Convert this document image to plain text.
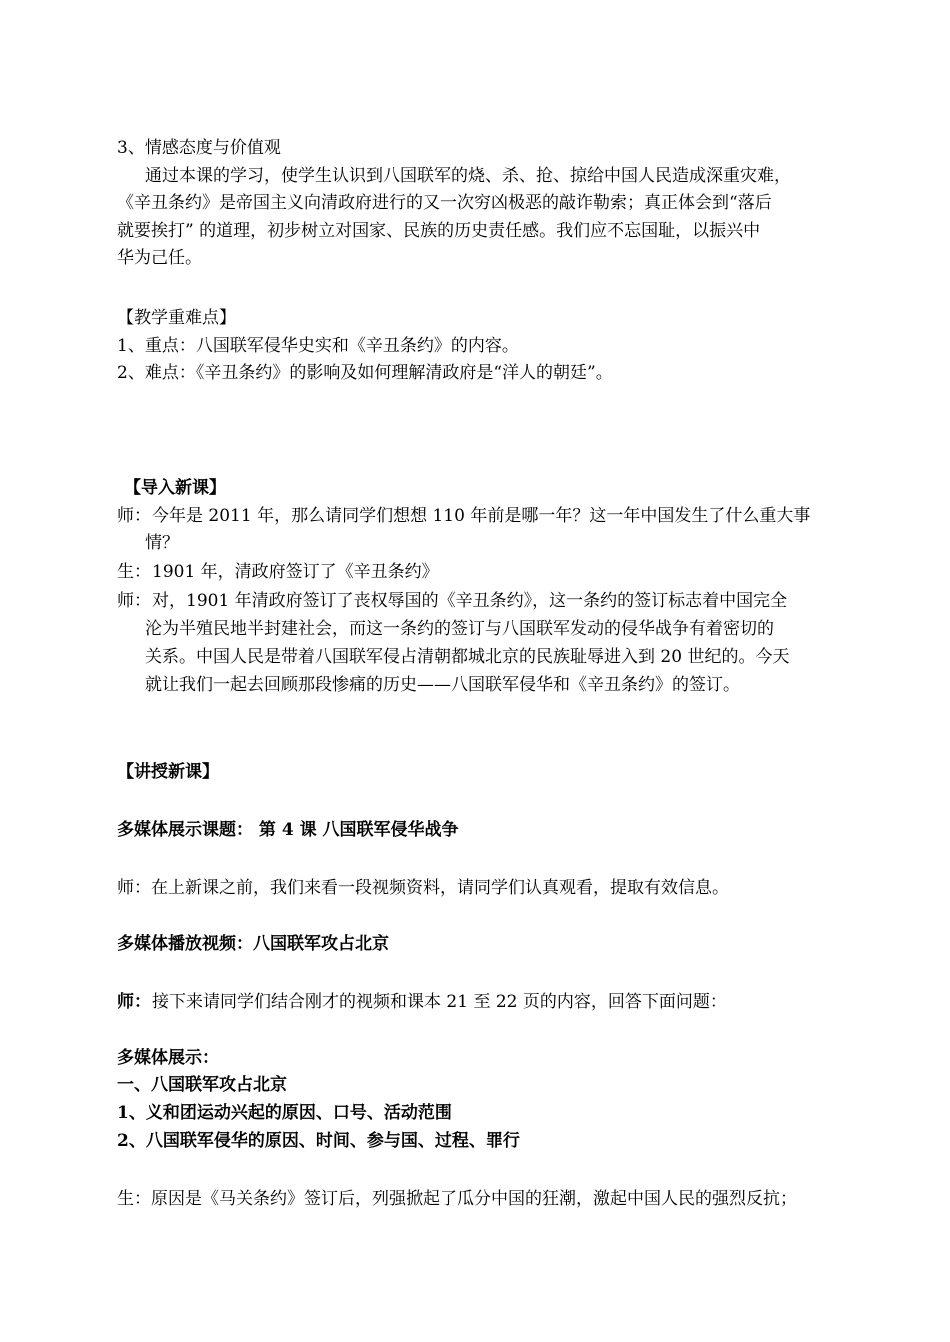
3、情感态度与价值观
通过本课的学习，使学生认识到八国联军的烧、杀、抢、掠给中国人民造成深重灾难，
《辛丑条约》是帝国主义向清政府进行的又一次穷凶极恶的敲诈勒索；真正体会到“落后
就要挨打” 的道理，初步树立对国家、民族的历史责任感。我们应不忘国耻，以振兴中
华为己任。
【教学重难点】
1、重点：八国联军侵华史实和《辛丑条约》的内容。
2、难点：《辛丑条约》的影响及如何理解清政府是“洋人的朝廷”。
【导入新课】
师： 今年是 2011 年，那么请同学们想想 110 年前是哪一年？这一年中国发生了什么重大事
情？
生： 1901 年，清政府签订了《辛丑条约》
师： 对，1901 年清政府签订了丧权辱国的《辛丑条约》，这一条约的签订标志着中国完全
沦为半殖民地半封建社会，而这一条约的签订与八国联军发动的侵华战争有着密切的
关系。中国人民是带着八国联军侵占清朝都城北京的民族耻辱进入到 20 世纪的。今天
就让我们一起去回顾那段惨痛的历史——八国联军侵华和《辛丑条约》的签订。
【讲授新课】
多媒体展示课题： 第 4 课 八国联军侵华战争
师：在上新课之前，我们来看一段视频资料，请同学们认真观看，提取有效信息。
多媒体播放视频：八国联军攻占北京
师： 接下来请同学们结合刚才的视频和课本 21 至 22 页的内容，回答下面问题：
多媒体展示：
一、八国联军攻占北京
1、义和团运动兴起的原因、口号、活动范围
2、八国联军侵华的原因、时间、参与国、过程、罪行
生：原因是《马关条约》签订后，列强掀起了瓜分中国的狂潮，激起中国人民的强烈反抗；
